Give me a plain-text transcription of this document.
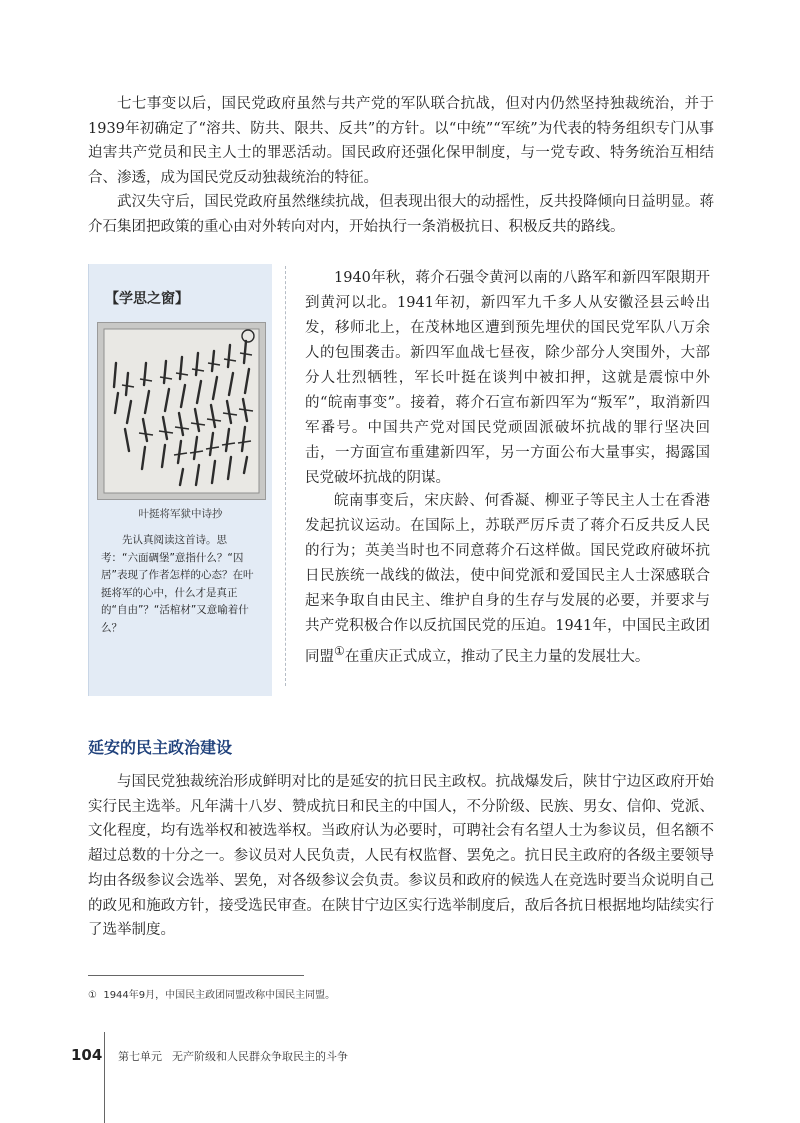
七七事变以后，国民党政府虽然与共产党的军队联合抗战，但对内仍然坚持独裁统治，并于1939年初确定了“溶共、防共、限共、反共”的方针。以“中统”“军统”为代表的特务组织专门从事迫害共产党员和民主人士的罪恶活动。国民政府还强化保甲制度，与一党专政、特务统治互相结合、渗透，成为国民党反动独裁统治的特征。

武汉失守后，国民党政府虽然继续抗战，但表现出很大的动摇性，反共投降倾向日益明显。蒋介石集团把政策的重心由对外转向对内，开始执行一条消极抗日、积极反共的路线。

【学思之窗】
叶挺将军狱中诗抄

先认真阅读这首诗。思考：“六面碉堡”意指什么？“囚居”表现了作者怎样的心态？在叶挺将军的心中，什么才是真正的“自由”？“活棺材”又意喻着什么？

1940年秋，蒋介石强令黄河以南的八路军和新四军限期开到黄河以北。1941年初，新四军九千多人从安徽泾县云岭出发，移师北上，在茂林地区遭到预先埋伏的国民党军队八万余人的包围袭击。新四军血战七昼夜，除少部分人突围外，大部分人壮烈牺牲，军长叶挺在谈判中被扣押，这就是震惊中外的“皖南事变”。接着，蒋介石宣布新四军为“叛军”，取消新四军番号。中国共产党对国民党顽固派破坏抗战的罪行坚决回击，一方面宣布重建新四军，另一方面公布大量事实，揭露国民党破坏抗战的阴谋。

皖南事变后，宋庆龄、何香凝、柳亚子等民主人士在香港发起抗议运动。在国际上，苏联严厉斥责了蒋介石反共反人民的行为；英美当时也不同意蒋介石这样做。国民党政府破坏抗日民族统一战线的做法，使中间党派和爱国民主人士深感联合起来争取自由民主、维护自身的生存与发展的必要，并要求与共产党积极合作以反抗国民党的压迫。1941年，中国民主政团同盟①在重庆正式成立，推动了民主力量的发展壮大。

延安的民主政治建设

与国民党独裁统治形成鲜明对比的是延安的抗日民主政权。抗战爆发后，陕甘宁边区政府开始实行民主选举。凡年满十八岁、赞成抗日和民主的中国人，不分阶级、民族、男女、信仰、党派、文化程度，均有选举权和被选举权。当政府认为必要时，可聘社会有名望人士为参议员，但名额不超过总数的十分之一。参议员对人民负责，人民有权监督、罢免之。抗日民主政府的各级主要领导均由各级参议会选举、罢免，对各级参议会负责。参议员和政府的候选人在竞选时要当众说明自己的政见和施政方针，接受选民审查。在陕甘宁边区实行选举制度后，敌后各抗日根据地均陆续实行了选举制度。

① 1944年9月，中国民主政团同盟改称中国民主同盟。
104 第七单元 无产阶级和人民群众争取民主的斗争
